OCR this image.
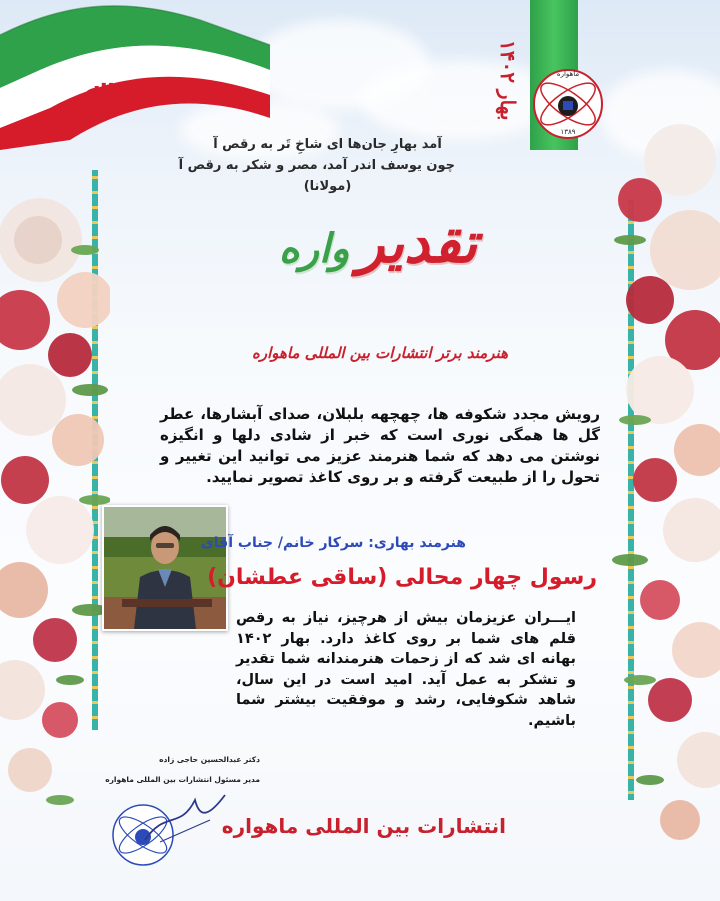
ﷲ
بهار ۱۴۰۲
ماهواره
۱۳۸۹
آمد بهارِ جان‌ها ای شاخِ تَر به رقص آ
چون یوسف اندر آمد، مصر و شکر به رقص آ
(مولانا)
تقدیر
واره
هنرمند برتر انتشارات بین المللی ماهواره
رویش مجدد شکوفه ها، چهچهه بلبلان، صدای آبشارها، عطر گل ها همگی نوری است که خبر از شادی دلها و انگیزه نوشتن می دهد که شما هنرمند عزیز می توانید این تغییر و تحول را از طبیعت گرفته و بر روی کاغذ تصویر نمایید.
هنرمند بهاری: سرکار خانم/ جناب آقای
رسول چهار محالی (ساقی عطشان)
ایـــران عزیزمان بیش از هرچیز، نیاز به رقص قلم های شما بر روی کاغذ دارد. بهار ۱۴۰۲ بهانه ای شد که از زحمات هنرمندانه شما تقدیر و تشکر به عمل آید. امید است در این سال، شاهد شکوفایی، رشد و موفقیت بیشتر شما باشیم.
دکتر عبدالحسین حاجی زاده
مدیر مسئول انتشارات بین المللی ماهواره
انتشارات بین المللی ماهواره
